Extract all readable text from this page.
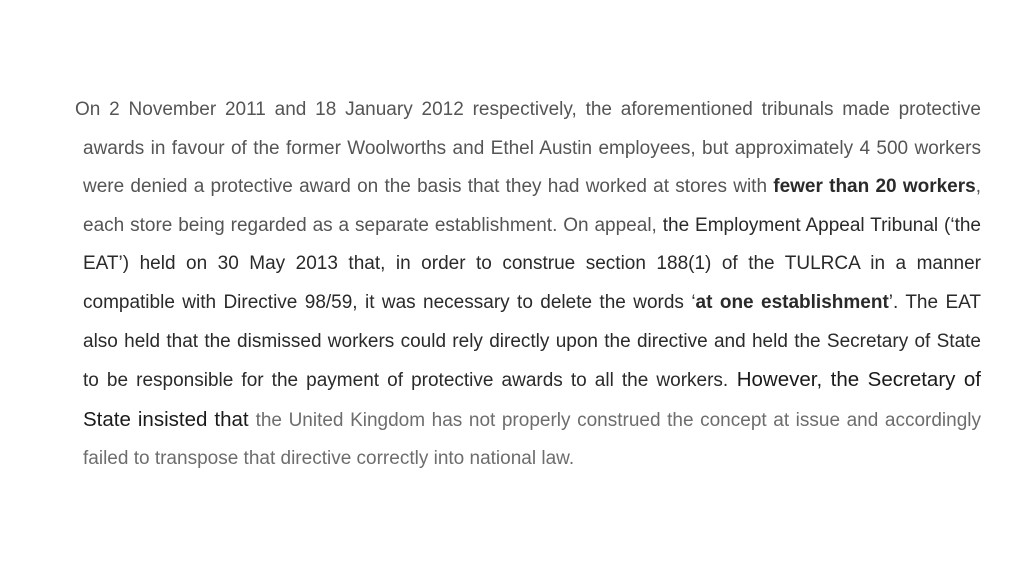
On 2 November 2011 and 18 January 2012 respectively, the aforementioned tribunals made protective awards in favour of the former Woolworths and Ethel Austin employees, but approximately 4 500 workers were denied a protective award on the basis that they had worked at stores with fewer than 20 workers, each store being regarded as a separate establishment. On appeal, the Employment Appeal Tribunal (‘the EAT’) held on 30 May 2013 that, in order to construe section 188(1) of the TULRCA in a manner compatible with Directive 98/59, it was necessary to delete the words ‘at one establishment’. The EAT also held that the dismissed workers could rely directly upon the directive and held the Secretary of State to be responsible for the payment of protective awards to all the workers. However, the Secretary of State insisted that the United Kingdom has not properly construed the concept at issue and accordingly failed to transpose that directive correctly into national law.
